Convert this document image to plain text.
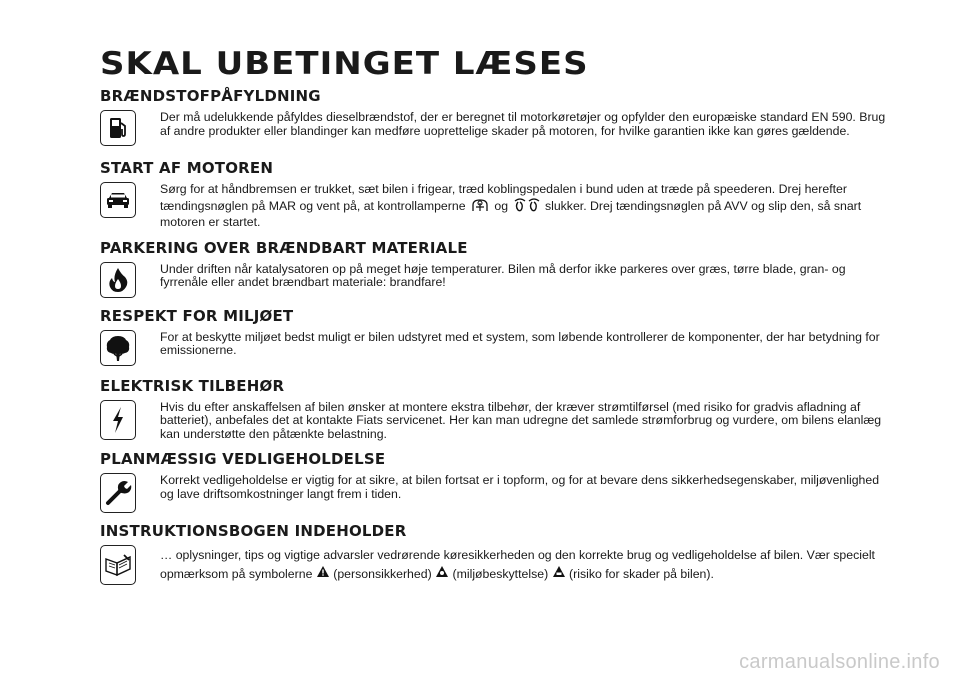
SKAL UBETINGET LÆSES
BRÆNDSTOFPÅFYLDNING
Der må udelukkende påfyldes dieselbrændstof, der er beregnet til motorkøretøjer og opfylder den europæiske standard EN 590. Brug af andre produkter eller blandinger kan medføre uoprettelige skader på motoren, for hvilke garantien ikke kan gøres gældende.
START AF MOTOREN
Sørg for at håndbremsen er trukket, sæt bilen i frigear, træd koblingspedalen i bund uden at træde på speederen. Drej herefter tændingsnøglen på MAR og vent på, at kontrollamperne og	slukker. Drej tændingsnøglen på AVV og slip den, så snart motoren er startet.
PARKERING OVER BRÆNDBART MATERIALE
Under driften når katalysatoren op på meget høje temperaturer. Bilen må derfor ikke parkeres over græs, tørre blade, gran- og fyrrenåle eller andet brændbart materiale: brandfare!
RESPEKT FOR MILJØET
For at beskytte miljøet bedst muligt er bilen udstyret med et system, som løbende kontrollerer de komponenter, der har betydning for emissionerne.
ELEKTRISK TILBEHØR
Hvis du efter anskaffelsen af bilen ønsker at montere ekstra tilbehør, der kræver strømtilførsel (med risiko for gradvis afladning af batteriet), anbefales det at kontakte Fiats servicenet. Her kan man udregne det samlede strømforbrug og vurdere, om bilens elanlæg kan understøtte den påtænkte belastning.
PLANMÆSSIG VEDLIGEHOLDELSE
Korrekt vedligeholdelse er vigtig for at sikre, at bilen fortsat er i topform, og for at bevare dens sikkerhedsegenskaber, miljøvenlighed og lave driftsomkostninger langt frem i tiden.
INSTRUKTIONSBOGEN INDEHOLDER
… oplysninger, tips og vigtige advarsler vedrørende køresikkerheden og den korrekte brug og vedligeholdelse af bilen. Vær specielt opmærksom på symbolerne (personsikkerhed) (miljøbeskyttelse) (risiko for skader på bilen).
carmanualsonline.info
